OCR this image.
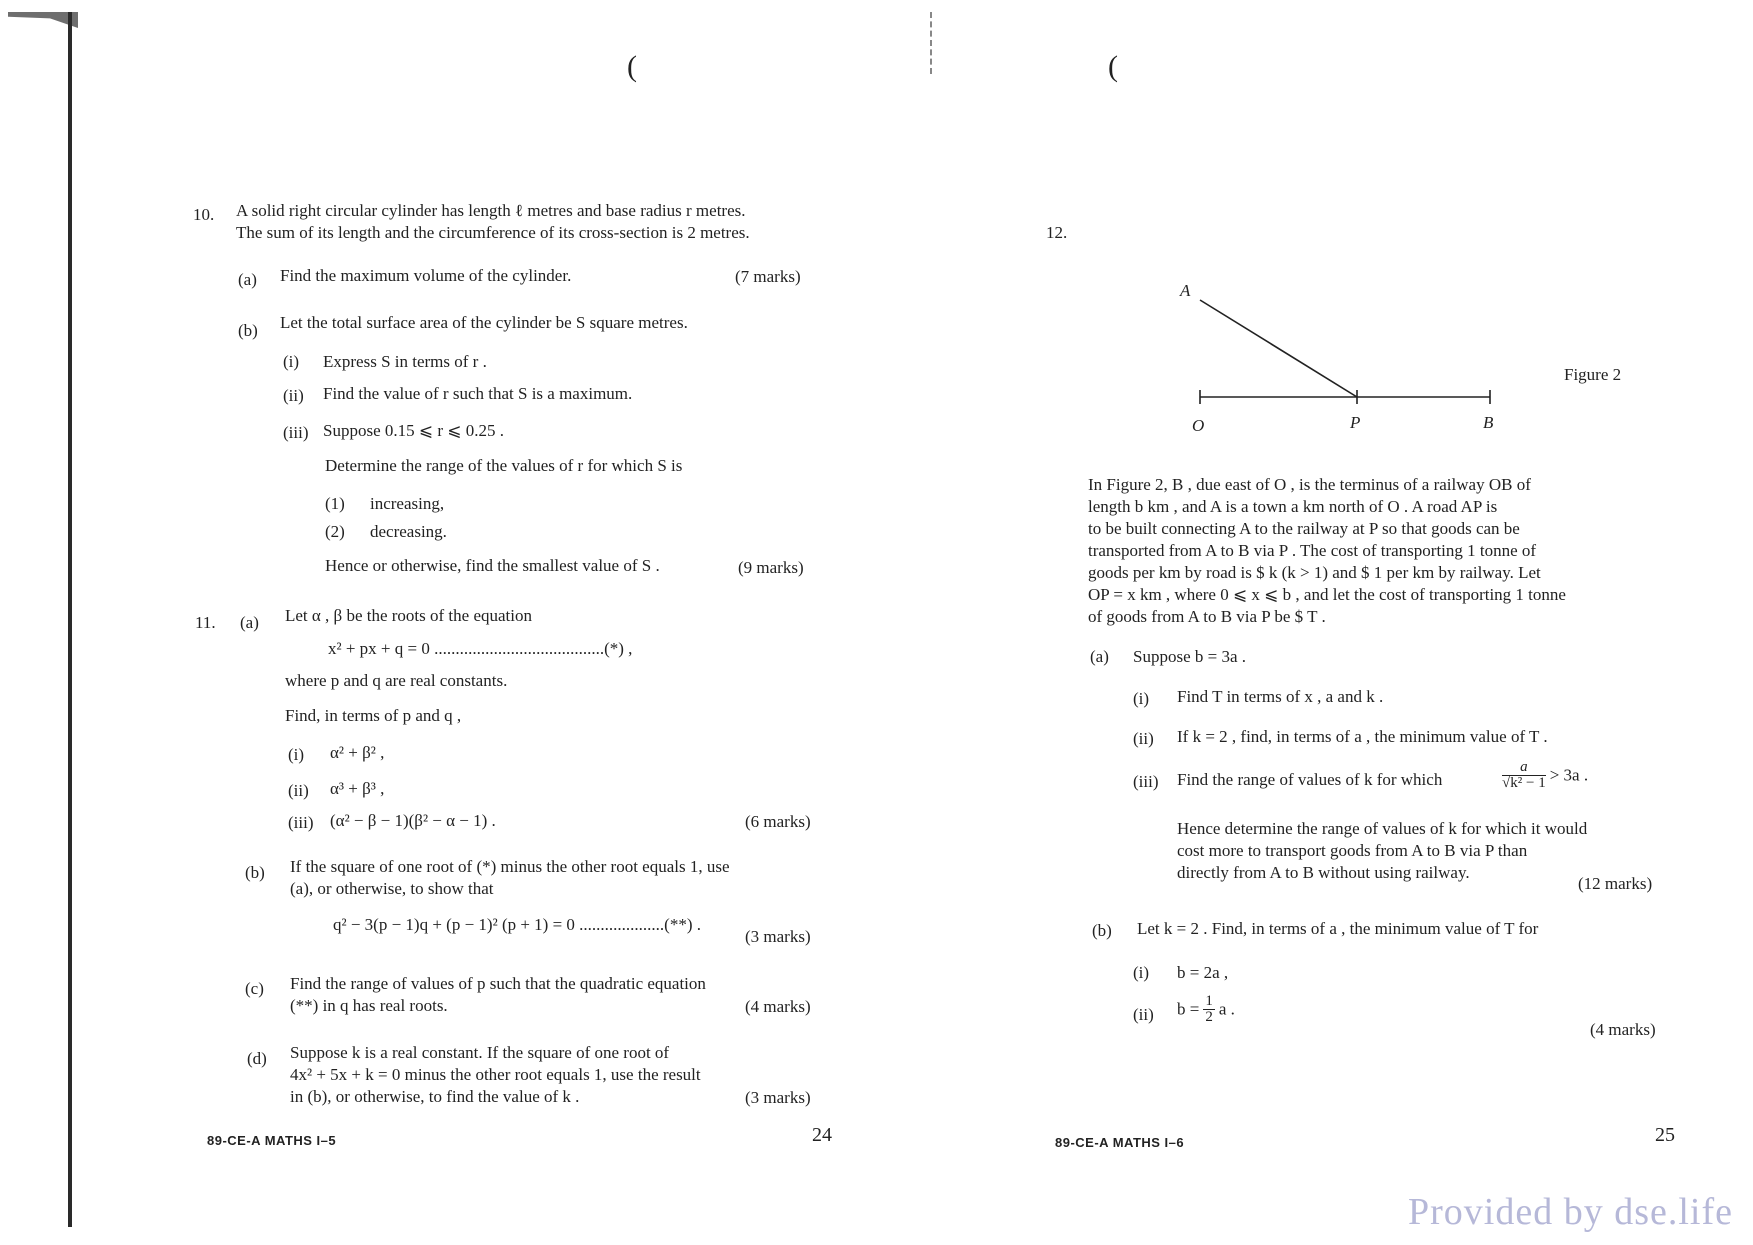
(	(
10. A solid right circular cylinder has length ℓ metres and base radius r metres.
The sum of its length and the circumference of its cross-section is 2 metres.
(a) Find the maximum volume of the cylinder.	(7 marks)
(b) Let the total surface area of the cylinder be S square metres.
(i) Express S in terms of r .
(ii) Find the value of r such that S is a maximum.
(iii) Suppose 0.15 ⩽ r ⩽ 0.25 .
Determine the range of the values of r for which S is
(1) increasing,
(2) decreasing.
Hence or otherwise, find the smallest value of S .	(9 marks)
11. (a) Let α , β be the roots of the equation
x² + px + q = 0 ........................................(*) ,
where p and q are real constants.
Find, in terms of p and q ,
(i) α² + β² ,
(ii) α³ + β³ ,
(iii) (α² − β − 1)(β² − α − 1) .	(6 marks)
(b) If the square of one root of (*) minus the other root equals 1, use
(a), or otherwise, to show that
q² − 3(p − 1)q + (p − 1)² (p + 1) = 0 ....................(**) .
(3 marks)
(c) Find the range of values of p such that the quadratic equation
(**) in q has real roots.	(4 marks)
(d) Suppose k is a real constant. If the square of one root of
4x² + 5x + k = 0 minus the other root equals 1, use the result
in (b), or otherwise, to find the value of k .	(3 marks)
89-CE-A MATHS I–5	24
12.
A
O	P	B
Figure 2
In Figure 2, B , due east of O , is the terminus of a railway OB of
length b km , and A is a town a km north of O . A road AP is
to be built connecting A to the railway at P so that goods can be
transported from A to B via P . The cost of transporting 1 tonne of
goods per km by road is $ k (k > 1) and $ 1 per km by railway. Let
OP = x km , where 0 ⩽ x ⩽ b , and let the cost of transporting 1 tonne
of goods from A to B via P be $ T .
(a) Suppose b = 3a .
(i) Find T in terms of x , a and k .
(ii) If k = 2 , find, in terms of a , the minimum value of T .
(iii) Find the range of values of k for which	$\frac{a}{\text{√k² − 1}} > 3a$ .
Hence determine the range of values of k for which it would
cost more to transport goods from A to B via P than
directly from A to B without using railway.
(12 marks)
(b) Let k = 2 . Find, in terms of a , the minimum value of T for
(i) b = 2a ,
(ii) $b = \frac{1}{2}$ a .
(4 marks)
89-CE-A MATHS I–6	25
Provided by dse.life
